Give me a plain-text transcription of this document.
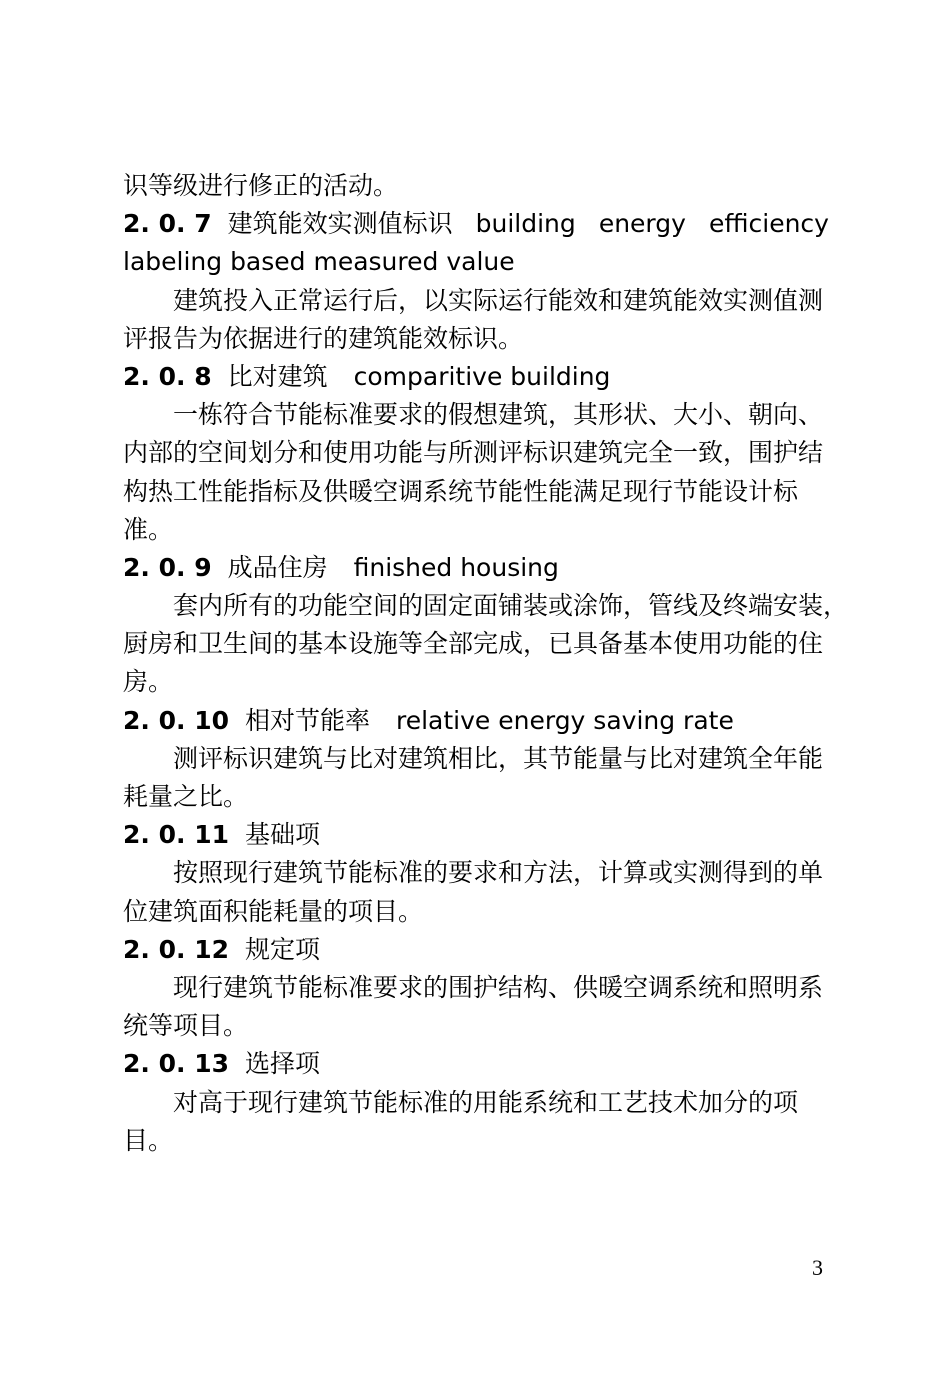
识等级进行修正的活动。
2. 0. 7 建筑能效实测值标识 building energy efficiency
labeling based measured value
建筑投入正常运行后，以实际运行能效和建筑能效实测值测
评报告为依据进行的建筑能效标识。
2. 0. 8 比对建筑 comparitive building
一栋符合节能标准要求的假想建筑，其形状、大小、朝向、
内部的空间划分和使用功能与所测评标识建筑完全一致，围护结
构热工性能指标及供暖空调系统节能性能满足现行节能设计标
准。
2. 0. 9 成品住房 finished housing
套内所有的功能空间的固定面铺装或涂饰，管线及终端安装，
厨房和卫生间的基本设施等全部完成，已具备基本使用功能的住
房。
2. 0. 10 相对节能率 relative energy saving rate
测评标识建筑与比对建筑相比，其节能量与比对建筑全年能
耗量之比。
2. 0. 11 基础项
按照现行建筑节能标准的要求和方法，计算或实测得到的单
位建筑面积能耗量的项目。
2. 0. 12 规定项
现行建筑节能标准要求的围护结构、供暖空调系统和照明系
统等项目。
2. 0. 13 选择项
对高于现行建筑节能标准的用能系统和工艺技术加分的项
目。
3
